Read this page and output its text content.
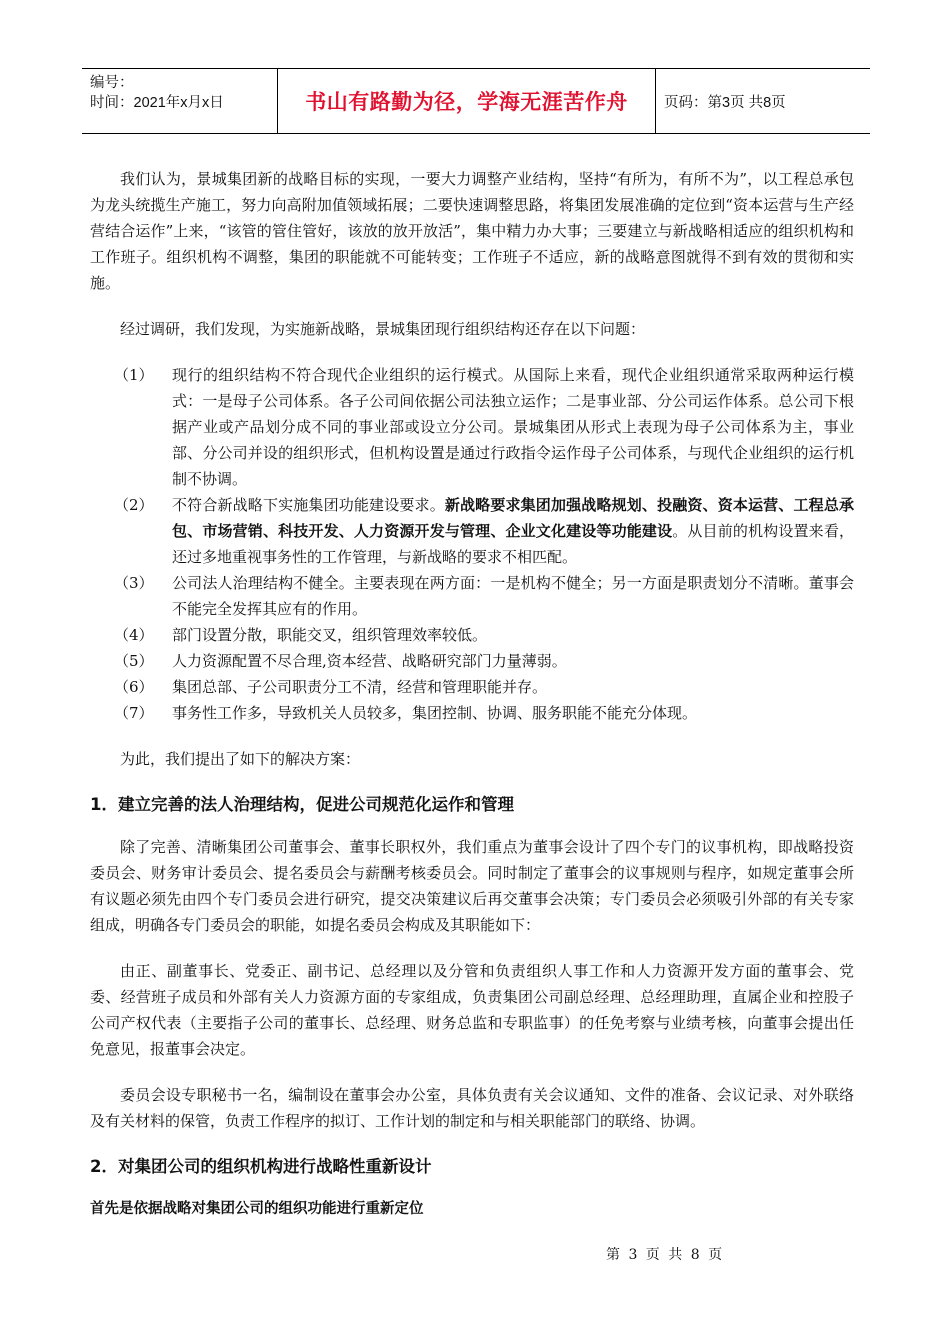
编号：
时间：2021年x月x日	书山有路勤为径，学海无涯苦作舟	页码：第3页 共8页

我们认为，景城集团新的战略目标的实现，一要大力调整产业结构，坚持“有所为，有所不为”，以工程总承包为龙头统揽生产施工，努力向高附加值领域拓展；二要快速调整思路，将集团发展准确的定位到“资本运营与生产经营结合运作”上来，“该管的管住管好，该放的放开放活”，集中精力办大事；三要建立与新战略相适应的组织机构和工作班子。组织机构不调整，集团的职能就不可能转变；工作班子不适应，新的战略意图就得不到有效的贯彻和实施。

经过调研，我们发现，为实施新战略，景城集团现行组织结构还存在以下问题：

（1）	现行的组织结构不符合现代企业组织的运行模式。从国际上来看，现代企业组织通常采取两种运行模式：一是母子公司体系。各子公司间依据公司法独立运作；二是事业部、分公司运作体系。总公司下根据产业或产品划分成不同的事业部或设立分公司。景城集团从形式上表现为母子公司体系为主，事业部、分公司并设的组织形式，但机构设置是通过行政指令运作母子公司体系，与现代企业组织的运行机制不协调。
（2）	不符合新战略下实施集团功能建设要求。新战略要求集团加强战略规划、投融资、资本运营、工程总承包、市场营销、科技开发、人力资源开发与管理、企业文化建设等功能建设。从目前的机构设置来看，还过多地重视事务性的工作管理，与新战略的要求不相匹配。
（3）	公司法人治理结构不健全。主要表现在两方面：一是机构不健全；另一方面是职责划分不清晰。董事会不能完全发挥其应有的作用。
（4）	部门设置分散，职能交叉，组织管理效率较低。
（5）	人力资源配置不尽合理,资本经营、战略研究部门力量薄弱。
（6）	集团总部、子公司职责分工不清，经营和管理职能并存。
（7）	事务性工作多，导致机关人员较多，集团控制、协调、服务职能不能充分体现。

为此，我们提出了如下的解决方案：

1．建立完善的法人治理结构，促进公司规范化运作和管理

除了完善、清晰集团公司董事会、董事长职权外，我们重点为董事会设计了四个专门的议事机构，即战略投资委员会、财务审计委员会、提名委员会与薪酬考核委员会。同时制定了董事会的议事规则与程序，如规定董事会所有议题必须先由四个专门委员会进行研究，提交决策建议后再交董事会决策；专门委员会必须吸引外部的有关专家组成，明确各专门委员会的职能，如提名委员会构成及其职能如下：

由正、副董事长、党委正、副书记、总经理以及分管和负责组织人事工作和人力资源开发方面的董事会、党委、经营班子成员和外部有关人力资源方面的专家组成，负责集团公司副总经理、总经理助理，直属企业和控股子公司产权代表（主要指子公司的董事长、总经理、财务总监和专职监事）的任免考察与业绩考核，向董事会提出任免意见，报董事会决定。

委员会设专职秘书一名，编制设在董事会办公室，具体负责有关会议通知、文件的准备、会议记录、对外联络及有关材料的保管，负责工作程序的拟订、工作计划的制定和与相关职能部门的联络、协调。

2．对集团公司的组织机构进行战略性重新设计
首先是依据战略对集团公司的组织功能进行重新定位
第 3 页 共 8 页
